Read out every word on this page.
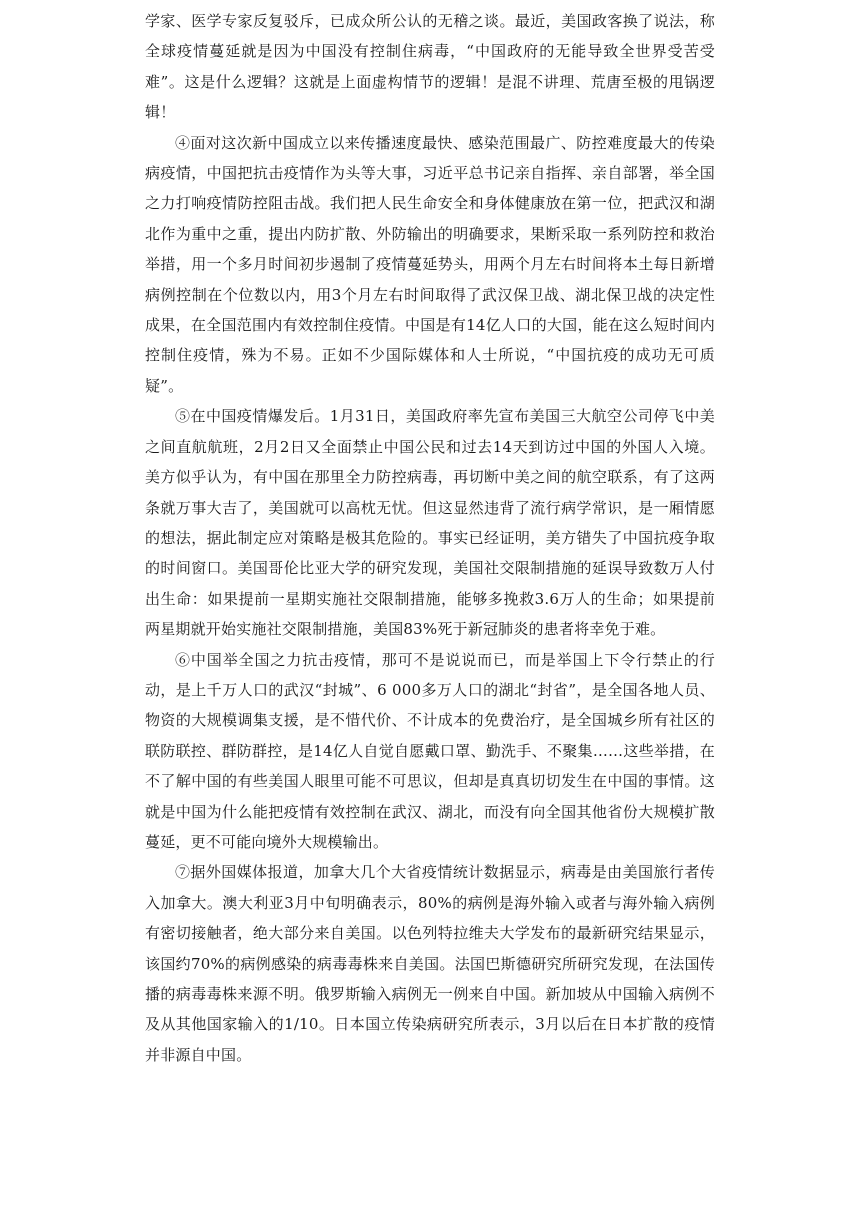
学家、医学专家反复驳斥，已成众所公认的无稽之谈。最近，美国政客换了说法，称全球疫情蔓延就是因为中国没有控制住病毒，“中国政府的无能导致全世界受苦受难”。这是什么逻辑？这就是上面虚构情节的逻辑！是混不讲理、荒唐至极的甩锅逻辑！

④面对这次新中国成立以来传播速度最快、感染范围最广、防控难度最大的传染病疫情，中国把抗击疫情作为头等大事，习近平总书记亲自指挥、亲自部署，举全国之力打响疫情防控阻击战。我们把人民生命安全和身体健康放在第一位，把武汉和湖北作为重中之重，提出内防扩散、外防输出的明确要求，果断采取一系列防控和救治举措，用一个多月时间初步遏制了疫情蔓延势头，用两个月左右时间将本土每日新增病例控制在个位数以内，用3个月左右时间取得了武汉保卫战、湖北保卫战的决定性成果，在全国范围内有效控制住疫情。中国是有14亿人口的大国，能在这么短时间内控制住疫情，殊为不易。正如不少国际媒体和人士所说，“中国抗疫的成功无可质疑”。

⑤在中国疫情爆发后。1月31日，美国政府率先宣布美国三大航空公司停飞中美之间直航航班，2月2日又全面禁止中国公民和过去14天到访过中国的外国人入境。美方似乎认为，有中国在那里全力防控病毒，再切断中美之间的航空联系，有了这两条就万事大吉了，美国就可以高枕无忧。但这显然违背了流行病学常识，是一厢情愿的想法，据此制定应对策略是极其危险的。事实已经证明，美方错失了中国抗疫争取的时间窗口。美国哥伦比亚大学的研究发现，美国社交限制措施的延误导致数万人付出生命：如果提前一星期实施社交限制措施，能够多挽救3.6万人的生命；如果提前两星期就开始实施社交限制措施，美国83%死于新冠肺炎的患者将幸免于难。

⑥中国举全国之力抗击疫情，那可不是说说而已，而是举国上下令行禁止的行动，是上千万人口的武汉“封城”、6 000多万人口的湖北“封省”，是全国各地人员、物资的大规模调集支援，是不惜代价、不计成本的免费治疗，是全国城乡所有社区的联防联控、群防群控，是14亿人自觉自愿戴口罩、勤洗手、不聚集……这些举措，在不了解中国的有些美国人眼里可能不可思议，但却是真真切切发生在中国的事情。这就是中国为什么能把疫情有效控制在武汉、湖北，而没有向全国其他省份大规模扩散蔓延，更不可能向境外大规模输出。

⑦据外国媒体报道，加拿大几个大省疫情统计数据显示，病毒是由美国旅行者传入加拿大。澳大利亚3月中旬明确表示，80%的病例是海外输入或者与海外输入病例有密切接触者，绝大部分来自美国。以色列特拉维夫大学发布的最新研究结果显示，该国约70%的病例感染的病毒毒株来自美国。法国巴斯德研究所研究发现，在法国传播的病毒毒株来源不明。俄罗斯输入病例无一例来自中国。新加坡从中国输入病例不及从其他国家输入的1/10。日本国立传染病研究所表示，3月以后在日本扩散的疫情并非源自中国。
